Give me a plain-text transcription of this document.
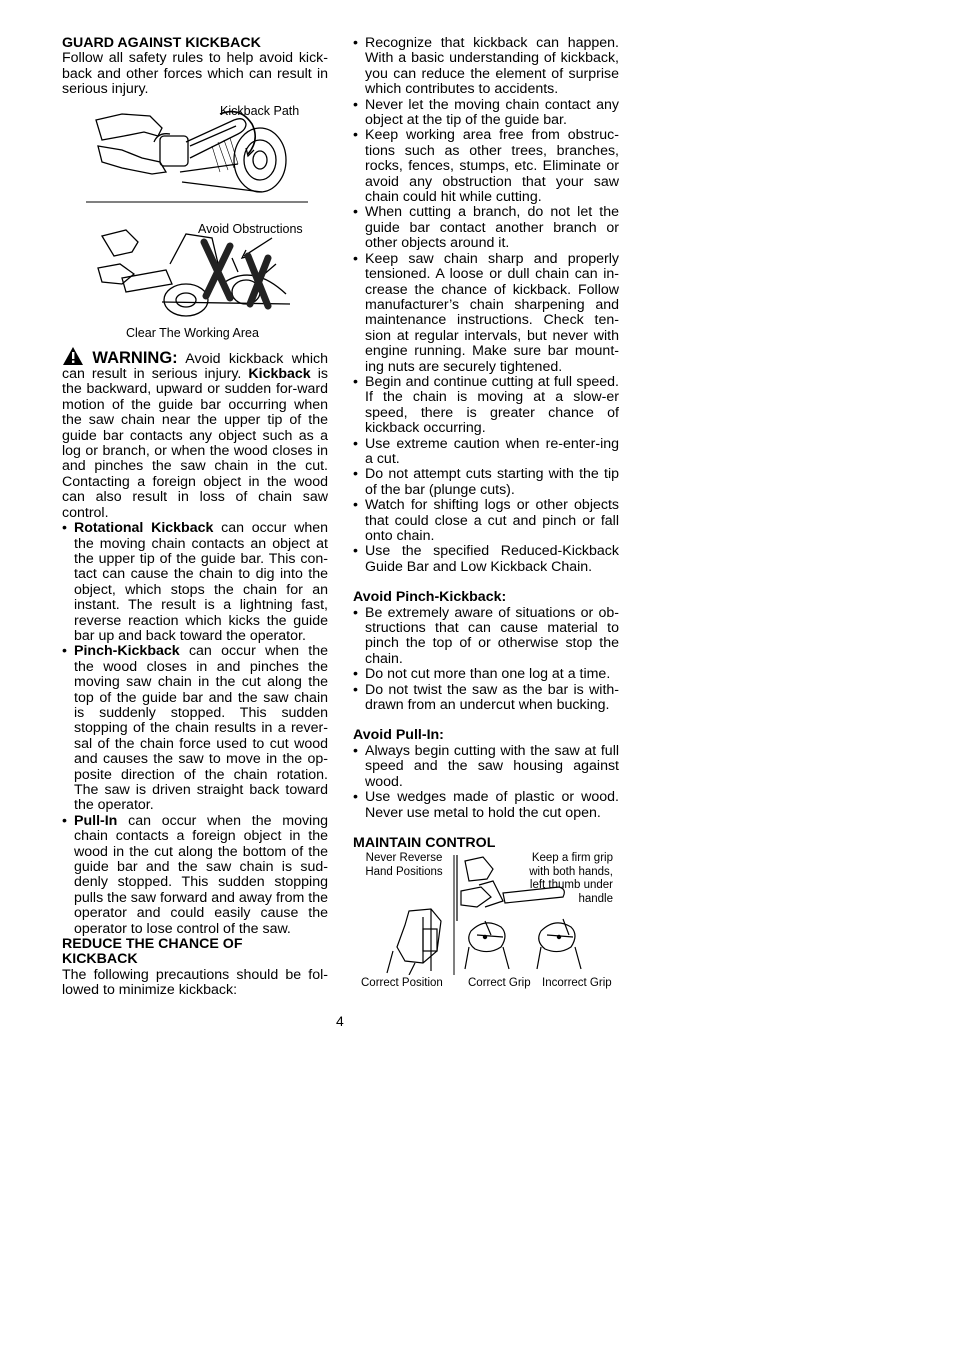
GUARD AGAINST KICKBACK

Follow all safety rules to help avoid kick-back and other forces which can result in serious injury.

Kickback Path
Avoid Obstructions
Clear The Working Area
WARNING: Avoid kickback which can result in serious injury. Kickback is the backward, upward or sudden for-ward motion of the guide bar occurring when the saw chain near the upper tip of the guide bar contacts any object such as a log or branch, or when the wood closes in and pinches the saw chain in the cut. Contacting a foreign object in the wood can also result in loss of chain saw control.
• Rotational Kickback can occur when the moving chain contacts an object at the upper tip of the guide bar. This con-tact can cause the chain to dig into the object, which stops the chain for an instant. The result is a lightning fast, reverse reaction which kicks the guide bar up and back toward the operator.
• Pinch-Kickback can occur when the the wood closes in and pinches the moving saw chain in the cut along the top of the guide bar and the saw chain is suddenly stopped. This sudden stopping of the chain results in a rever-sal of the chain force used to cut wood and causes the saw to move in the op-posite direction of the chain rotation. The saw is driven straight back toward the operator.
• Pull-In can occur when the moving chain contacts a foreign object in the wood in the cut along the bottom of the guide bar and the saw chain is sud-denly stopped. This sudden stopping pulls the saw forward and away from the operator and could easily cause the operator to lose control of the saw.
REDUCE THE CHANCE OF
KICKBACK

The following precautions should be fol-lowed to minimize kickback:

• Recognize that kickback can happen. With a basic understanding of kickback, you can reduce the element of surprise which contributes to accidents.
• Never let the moving chain contact any object at the tip of the guide bar.
• Keep working area free from obstruc-tions such as other trees, branches, rocks, fences, stumps, etc. Eliminate or avoid any obstruction that your saw chain could hit while cutting.
• When cutting a branch, do not let the guide bar contact another branch or other objects around it.
• Keep saw chain sharp and properly tensioned. A loose or dull chain can in-crease the chance of kickback. Follow manufacturer’s chain sharpening and maintenance instructions. Check ten-sion at regular intervals, but never with engine running. Make sure bar mount-ing nuts are securely tightened.
• Begin and continue cutting at full speed. If the chain is moving at a slow-er speed, there is greater chance of kickback occurring.
• Use extreme caution when re-enter-ing a cut.
• Do not attempt cuts starting with the tip of the bar (plunge cuts).
• Watch for shifting logs or other objects that could close a cut and pinch or fall onto chain.
• Use the specified Reduced-Kickback Guide Bar and Low Kickback Chain.
Avoid Pinch-Kickback:
• Be extremely aware of situations or ob-structions that can cause material to pinch the top of or otherwise stop the chain.
• Do not cut more than one log at a time.
• Do not twist the saw as the bar is with-drawn from an undercut when bucking.
Avoid Pull-In:
• Always begin cutting with the saw at full speed and the saw housing against wood.
• Use wedges made of plastic or wood. Never use metal to hold the cut open.
MAINTAIN CONTROL
Never Reverse Hand Positions
Keep a firm grip with both hands, left thumb under handle
Correct Position Correct Grip Incorrect Grip
4
